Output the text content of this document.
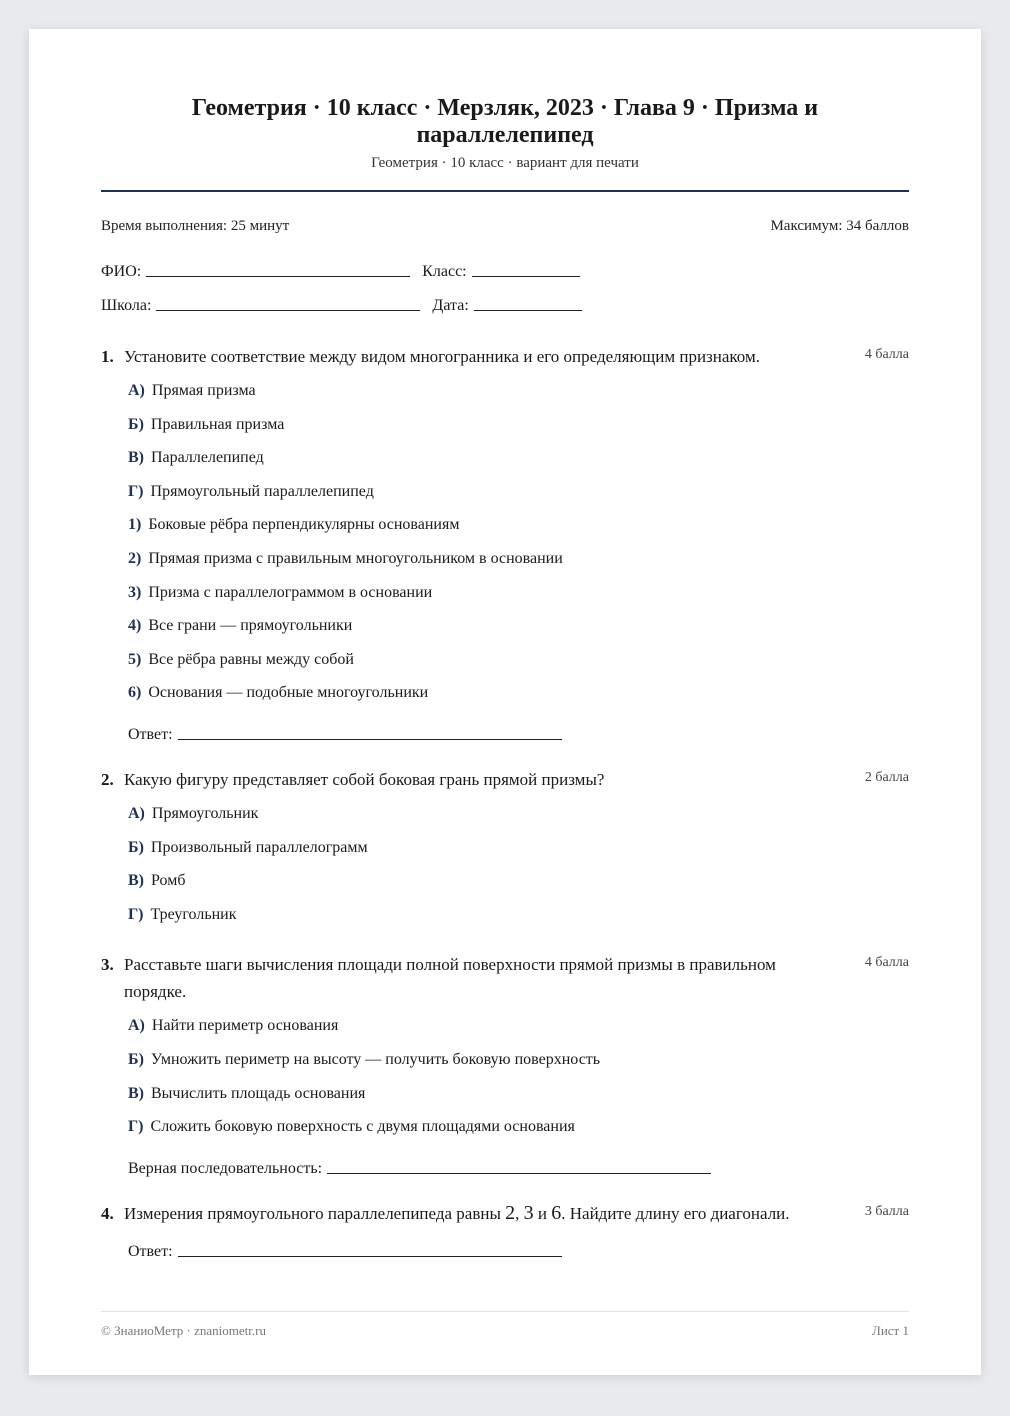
Геометрия · 10 класс · Мерзляк, 2023 · Глава 9 · Призма и параллелепипед
Геометрия · 10 класс · вариант для печати
Время выполнения: 25 минут	Максимум: 34 баллов
ФИО:	Класс:
Школа:	Дата:
1. Установите соответствие между видом многогранника и его определяющим признаком.	4 балла
А) Прямая призма
Б) Правильная призма
В) Параллелепипед
Г) Прямоугольный параллелепипед
1) Боковые рёбра перпендикулярны основаниям
2) Прямая призма с правильным многоугольником в основании
3) Призма с параллелограммом в основании
4) Все грани — прямоугольники
5) Все рёбра равны между собой
6) Основания — подобные многоугольники
Ответ:
2. Какую фигуру представляет собой боковая грань прямой призмы?	2 балла
А) Прямоугольник
Б) Произвольный параллелограмм
В) Ромб
Г) Треугольник
3. Расставьте шаги вычисления площади полной поверхности прямой призмы в правильном порядке.
4 балла
А) Найти периметр основания
Б) Умножить периметр на высоту — получить боковую поверхность
В) Вычислить площадь основания
Г) Сложить боковую поверхность с двумя площадями основания
Верная последовательность:
4. Измерения прямоугольного параллелепипеда равны 2, 3 и 6. Найдите длину его диагонали.	3 балла
Ответ:
© ЗнаниоМетр · znaniometr.ru	Лист 1
